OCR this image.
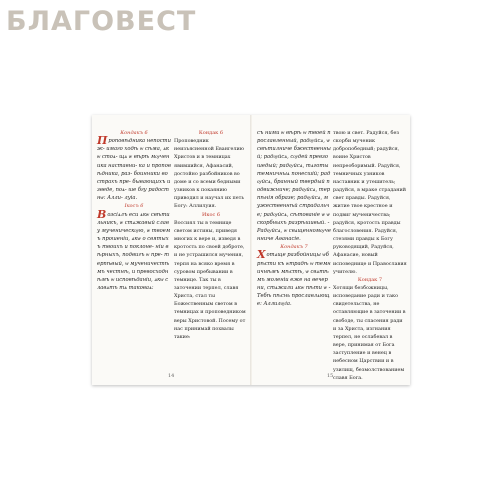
БЛАГОВЕСТ

Кондакъ 6

Проповѣдника непостиж- имаго ходѣ ѡ сѣма, ѧкѡ стоѧ- щѧ ѡ вѣрѣ мѹченика наставни- ка и проповѣдника, раз- боинники во страхъ пре- бывающихъ изведе, поѧ- ше бгу радостнѡ: Алли- луіа.

Ікосъ 6

Возсіѧлъ еси ѧкѡ свѣтильникъ, ѡ стѧжавый славу мученическѹю, ѡ твоемъ прошеніи, ѧкѡ о святыхъ твоихъ и поклоне- ніи вѣрныхъ, подвигъ ѡ пре- терпѣвый, ѡ мученичестѣмъ честнѣ, и превосходнѣмъ ѡ исповѣданіи, ѧкѡ славѧтъ тѧ таковаѧ:

Кондак 6

Проповедник неизъясненной Евангелию Христов и в темницах явившийся, Афанасий, достойно разбойников во доме и со всеми бедными узников к покаянию приводил и научал их петь Богу: Аллилуия.

Икос 6

Воссиял ты в темнице светом истины, приведя многих к вере и, изведя в кротость по своей доброте, и не устрашился мучения, терпя на всяко время в суровом пребывании в темнице. Так ты в заточении терпел, славя Христа, стал ты Божественным светом в темницах и проповедником веры Христовой. Посему от нас принимай похвалы такие:

14

съ ними ѡ вѣрѣ ѡ твоей прославленный, радѹйсѧ, ѡ свѣтилниче бжественный; радѹйсѧ, сѹдей превзошедый; радѹйсѧ, тѧготы темничныѧ понесшій; радѹйсѧ, бранный твердый подвижниче; радѹйсѧ, терпѣнія образе; радѹйсѧ, мужественнѣй страдальче; радѹйсѧ, сѣтованіе ѡ ѡскорбныхъ разрѣшивый. Радѹйсѧ, ѡ свѧщенномѹченниче Аѳанасіе.

Кондакъ 7

Хотѧще разбойницы ѡбрѣсти къ ѡтрадѣ ѡ темничнѣмъ мѣстѣ, ѡ свѧтѣмъ моленіи еже на вечерни, стѧжали ѧкѡ пѣти ѡ Тебѣ пѣснь прославлѧюще: Аллилѹіа.

твою и свет. Радуйся, без скорби мученик добропобедный; радуйся, воине Христов непреоборимый. Радуйся, темничных узников наставник и утешитель; радуйся, в мраке страданий свет правды. Радуйся, житие твое крестное и подвиг мученичества; радуйся, кротость правды благословения. Радуйся, стезями правды к Богу руководящий, Радуйся, Афанасие, новый исповеднице и Православия учителю.

Кондак 7

Хотящи безбожницы, исповедание ради и тако свидетельства, не оставляющие в заточении в свободе, ты спасения ради и за Христа, изгнания терпел, не ослабевал в вере, принимая от Бога заступление и венец в небесном Царствии и в узилищ, безмолствованием славя Бога.

15
